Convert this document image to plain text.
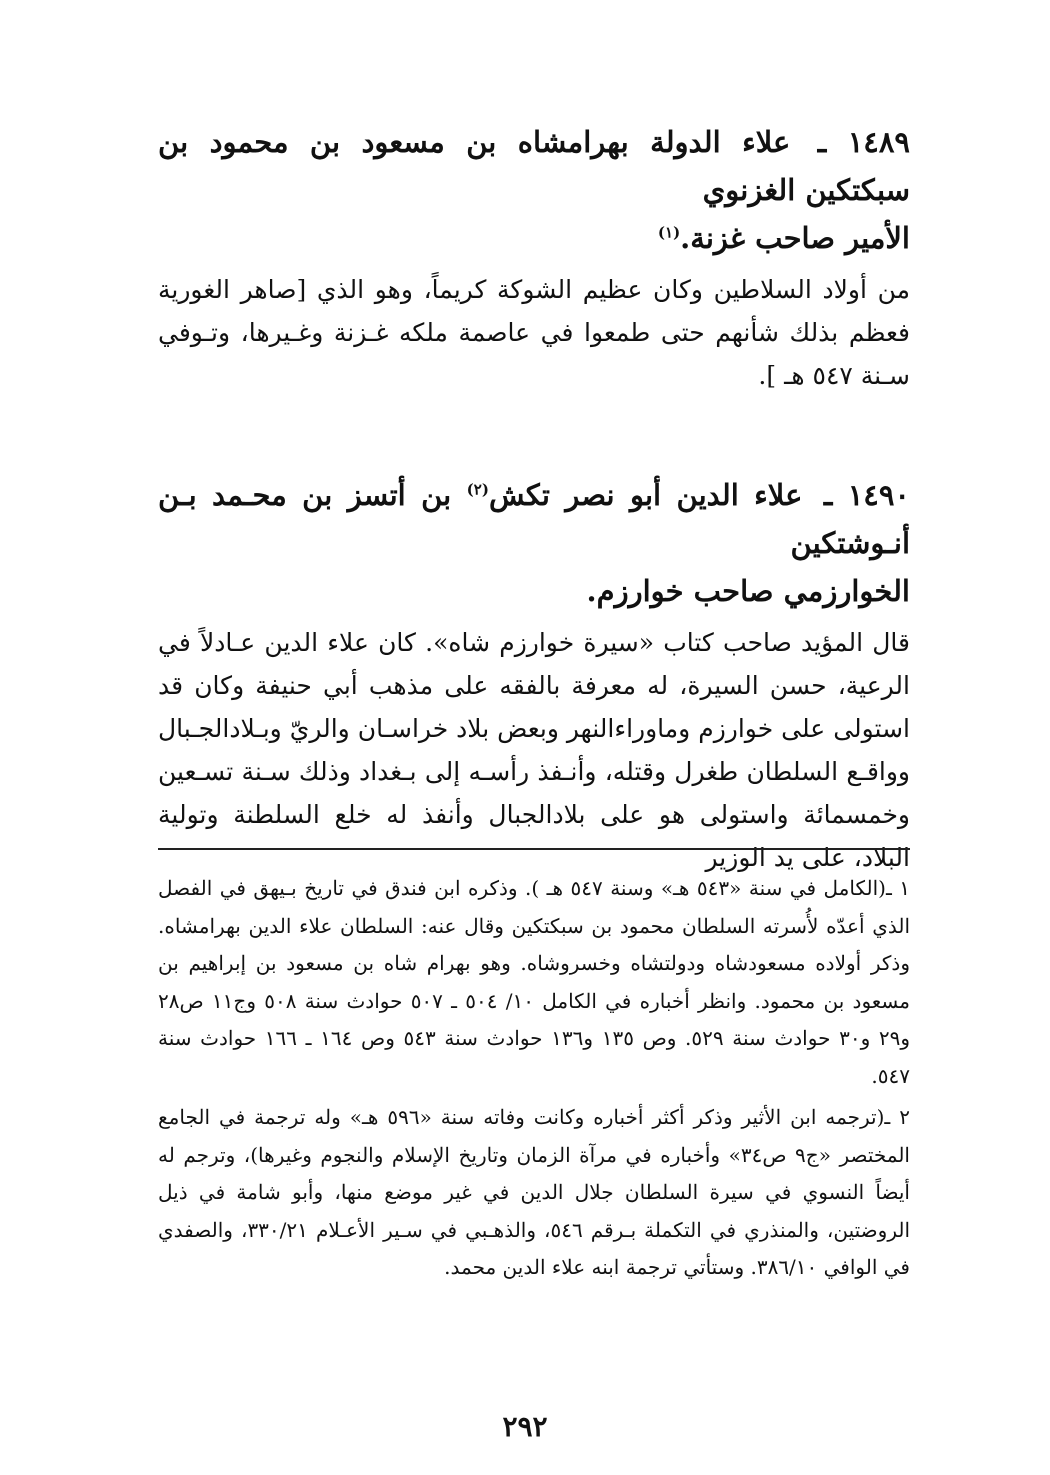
١٤٨٩ ـ علاء الدولة بهرامشاه بن مسعود بن محمود بن سبكتكين الغزنوي
الأمير صاحب غزنة.$^{(١)}$

من أولاد السلاطين وكان عظيم الشوكة كريماً، وهو الذي [صاهر الغورية فعظم بذلك شأنهم حتى طمعوا في عاصمة ملكه غـزنة وغـيرها، وتـوفي سـنة ٥٤٧ هـ ].

١٤٩٠ ـ علاء الدين أبو نصر تكش$^{(٢)}$ بن أتسز بن محـمد بـن أنـوشتكين
الخوارزمي صاحب خوارزم.

قال المؤيد صاحب كتاب «سيرة خوارزم شاه». كان علاء الدين عـادلاً في الرعية، حسن السيرة، له معرفة بالفقه على مذهب أبي حنيفة وكان قد استولى على خوارزم وماوراءالنهر وبعض بلاد خراسـان والريّ وبـلادالجـبال وواقـع السلطان طغرل وقتله، وأنـفذ رأسـه إلى بـغداد وذلك سـنة تسـعين وخمسمائة واستولى هو على بلادالجبال وأنفذ له خلع السلطنة وتولية البلاد، على يد الوزير

١ ـ(الكامل في سنة «٥٤٣ هـ» وسنة ٥٤٧ هـ ). وذكره ابن فندق في تاريخ بـيهق في الفصل الذي أعدّه لأُسرته السلطان محمود بن سبكتكين وقال عنه: السلطان علاء الدين بهرامشاه. وذكر أولاده مسعودشاه ودولتشاه وخسروشاه. وهو بهرام شاه بن مسعود بن إبراهيم بن مسعود بن محمود. وانظر أخباره في الكامل ١٠/ ٥٠٤ ـ ٥٠٧ حوادث سنة ٥٠٨ وج١١ ص٢٨ و٢٩ و٣٠ حوادث سنة ٥٢٩. وص ١٣٥ و١٣٦ حوادث سنة ٥٤٣ وص ١٦٤ ـ ١٦٦ حوادث سنة ٥٤٧.

٢ ـ(ترجمه ابن الأثير وذكر أكثر أخباره وكانت وفاته سنة «٥٩٦ هـ» وله ترجمة في الجامع المختصر «ج٩ ص٣٤» وأخباره في مرآة الزمان وتاريخ الإسلام والنجوم وغيرها)، وترجم له أيضاً النسوي في سيرة السلطان جلال الدين في غير موضع منها، وأبو شامة في ذيل الروضتين، والمنذري في التكملة بـرقم ٥٤٦، والذهـبي في سـير الأعـلام ٣٣٠/٢١، والصفدي في الوافي ٣٨٦/١٠. وستأتي ترجمة ابنه علاء الدين محمد.

٢٩٢
